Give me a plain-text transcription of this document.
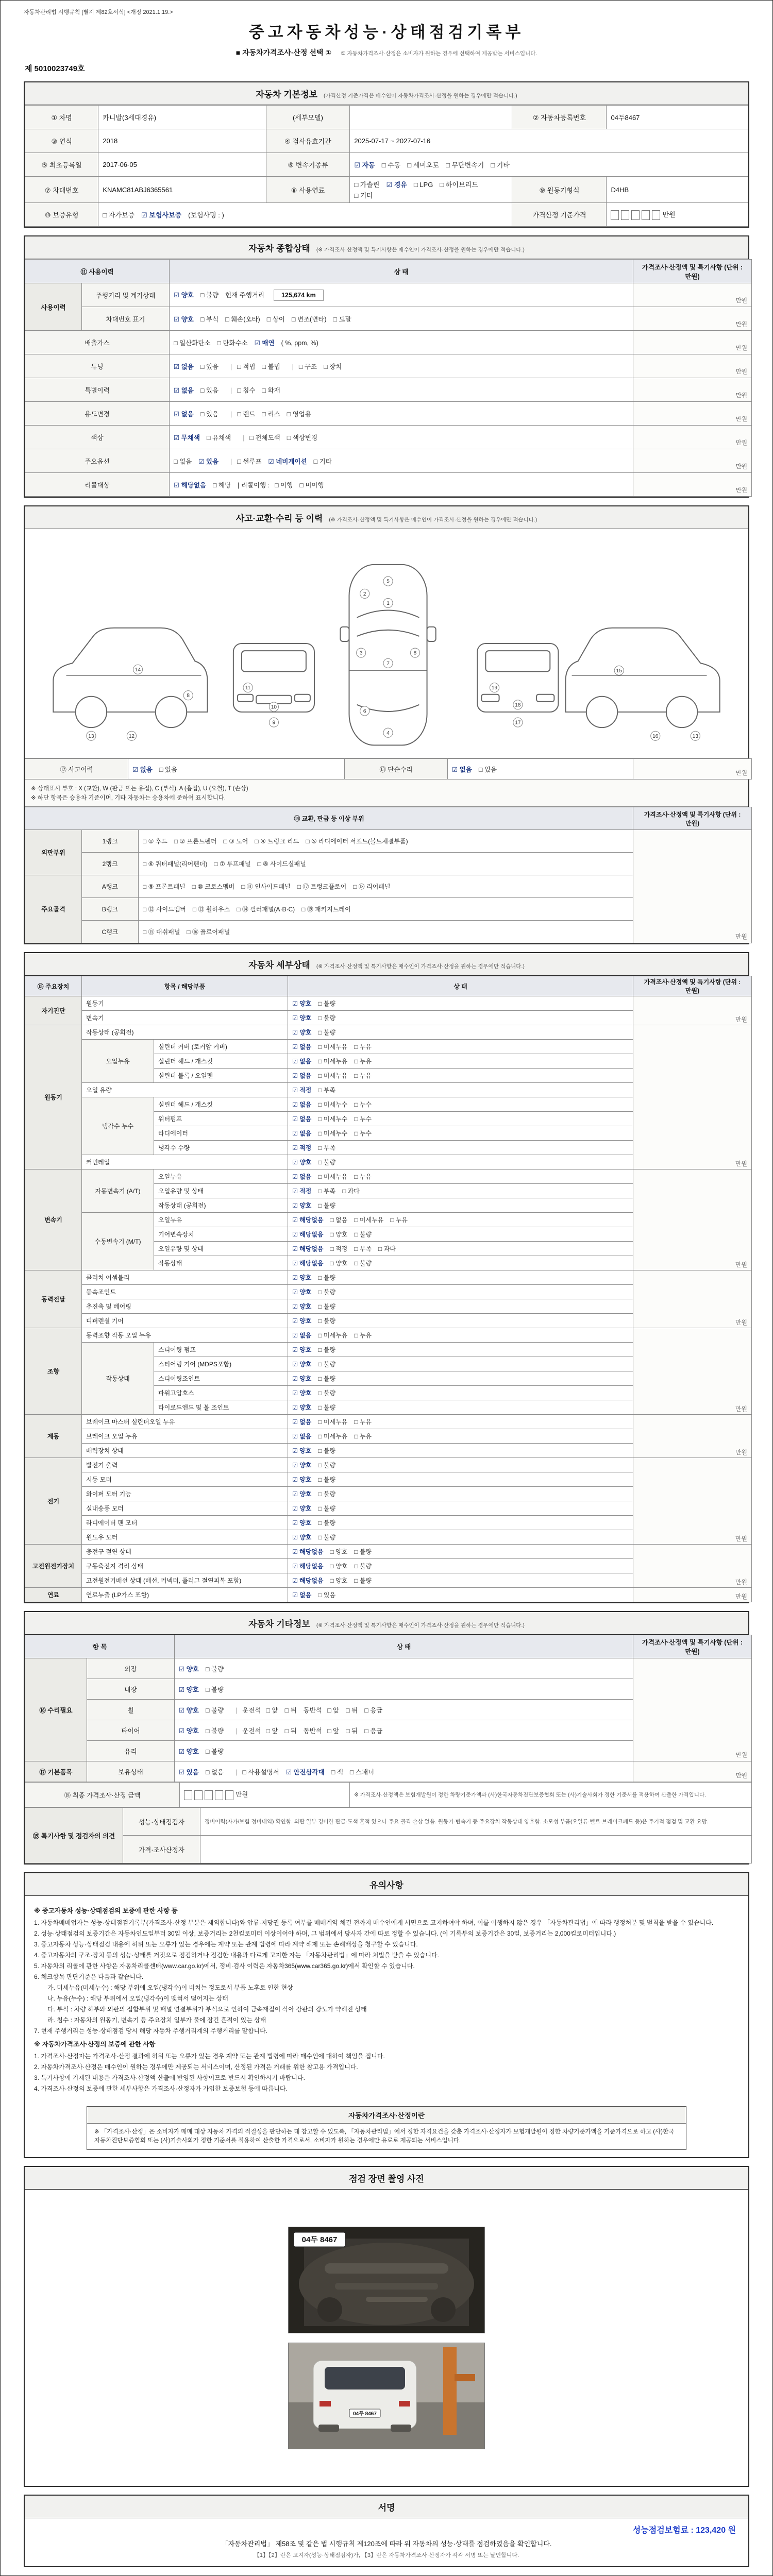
자동차관리법 시행규칙 [별지 제82호서식] <개정 2021.1.19.>
중고자동차성능·상태점검기록부
■ 자동차가격조사·산정 선택 ① ① 자동차가격조사·산정은 소비자가 원하는 경우에 선택하여 제공받는 서비스입니다.
제 5010023749호
자동차 기본정보 (가격산정 기준가격은 매수인이 자동차가격조사·산정을 원하는 경우에만 적습니다.)
① 차명	카니발(3세대경유)	(세부모델)		② 자동차등록번호	04두8467
③ 연식	2018	④ 검사유효기간	2025-07-17 ~ 2027-07-16		
⑤ 최초등록일	2017-06-05	⑥ 변속기종류	☑ 자동 □ 수동 □ 세미오토 □ 무단변속기 □ 기타		
⑦ 차대번호	KNAMC81ABJ6365561	⑧ 사용연료	□ 가솔린 ☑ 경유 □ LPG □ 하이브리드□ 기타	⑨ 원동기형식	D4HB
⑩ 보증유형	□ 자가보증 ☑ 보험사보증 (보험사명 : )			가격산정 기준가격	만원
자동차 종합상태 (※ 가격조사·산정액 및 특기사항은 매수인이 가격조사·산정을 원하는 경우에만 적습니다.)
⑪ 사용이력		상 태	가격조사·산정액 및 특기사항 (단위 : 만원)
사용이력	주행거리 및 계기상태	☑ 양호 □ 불량 현재 주행거리 125,674 km	만원
	차대번호 표기	☑ 양호 □ 부식 □ 훼손(오타) □ 상이 □ 변조(변타) □ 도말	만원
배출가스		□ 일산화탄소 □ 탄화수소 ☑ 매연 ( %, ppm, %)	만원
튜닝		☑ 없음 □ 있음 | □ 적법 □ 불법 | □ 구조 □ 장치	만원
특별이력		☑ 없음 □ 있음 | □ 침수 □ 화재	만원
용도변경		☑ 없음 □ 있음 | □ 렌트 □ 리스 □ 영업용	만원
색상		☑ 무채색 □ 유채색 | □ 전체도색 □ 색상변경	만원
주요옵션		□ 없음 ☑ 있음 | □ 썬루프 ☑ 네비게이션 □ 기타	만원
리콜대상		☑ 해당없음 □ 해당 | 리콜이행 : □ 이행 □ 미이행	만원
사고·교환·수리 등 이력 (※ 가격조사·산정액 및 특기사항은 매수인이 가격조사·산정을 원하는 경우에만 적습니다.)
13	12
14
8
9
10
11
5
1
2
3
7
6
4
8
17
18
19
15
16	13
⑫ 사고이력	☑ 없음 □ 있음	⑬ 단순수리	☑ 없음 □ 있음	만원
※ 상태표시 부호 : X (교환), W (판금 또는 용접), C (부식), A (흠집), U (요철), T (손상)
※ 하단 항목은 승용차 기준이며, 기타 자동차는 승용차에 준하여 표시합니다.
⑭ 교환, 판금 등 이상 부위			가격조사·산정액 및 특기사항 (단위 : 만원)
외판부위	1랭크	□ ① 후드 □ ② 프론트펜더 □ ③ 도어 □ ④ 트렁크 리드 □ ⑤ 라디에이터 서포트(볼트체결부품)	만원
	2랭크	□ ⑥ 쿼터패널(리어펜더) □ ⑦ 루프패널 □ ⑧ 사이드실패널	
주요골격	A랭크	□ ⑨ 프론트패널 □ ⑩ 크로스멤버 □ ⑪ 인사이드패널 □ ⑰ 트렁크플로어 □ ⑱ 리어패널	
	B랭크	□ ⑫ 사이드멤버 □ ⑬ 휠하우스 □ ⑭ 필러패널(A·B·C) □ ⑲ 패키지트레이	
	C랭크	□ ⑮ 대쉬패널 □ ⑯ 플로어패널	
자동차 세부상태 (※ 가격조사·산정액 및 특기사항은 매수인이 가격조사·산정을 원하는 경우에만 적습니다.)
⑮ 주요장치	항목 / 해당부품		상 태	가격조사·산정액 및 특기사항 (단위 : 만원)
자기진단	원동기		☑ 양호 □ 불량	만원
	변속기		☑ 양호 □ 불량	
원동기	작동상태 (공회전)		☑ 양호 □ 불량	만원
	오일누유	실린더 커버 (로커암 커버)	☑ 없음 □ 미세누유 □ 누유	
		실린더 헤드 / 개스킷	☑ 없음 □ 미세누유 □ 누유	
		실린더 블록 / 오일팬	☑ 없음 □ 미세누유 □ 누유	
	오일 유량		☑ 적정 □ 부족	
	냉각수 누수	실린더 헤드 / 개스킷	☑ 없음 □ 미세누수 □ 누수	
		워터펌프	☑ 없음 □ 미세누수 □ 누수	
		라디에이터	☑ 없음 □ 미세누수 □ 누수	
		냉각수 수량	☑ 적정 □ 부족	
	커먼레일		☑ 양호 □ 불량	
변속기	자동변속기 (A/T)	오일누유	☑ 없음 □ 미세누유 □ 누유	만원
		오일유량 및 상태	☑ 적정 □ 부족 □ 과다	
		작동상태 (공회전)	☑ 양호 □ 불량	
	수동변속기 (M/T)	오일누유	☑ 해당없음 □ 없음 □ 미세누유 □ 누유	
		기어변속장치	☑ 해당없음 □ 양호 □ 불량	
		오일유량 및 상태	☑ 해당없음 □ 적정 □ 부족 □ 과다	
		작동상태	☑ 해당없음 □ 양호 □ 불량	
동력전달	클러치 어셈블리		☑ 양호 □ 불량	만원
	등속조인트		☑ 양호 □ 불량	
	추진축 및 베어링		☑ 양호 □ 불량	
	디퍼렌셜 기어		☑ 양호 □ 불량	
조향	동력조향 작동 오일 누유		☑ 없음 □ 미세누유 □ 누유	만원
	작동상태	스티어링 펌프	☑ 양호 □ 불량	
		스티어링 기어 (MDPS포함)	☑ 양호 □ 불량	
		스티어링조인트	☑ 양호 □ 불량	
		파워고압호스	☑ 양호 □ 불량	
		타이로드엔드 및 볼 조인트	☑ 양호 □ 불량	
제동	브레이크 마스터 실린더오일 누유		☑ 없음 □ 미세누유 □ 누유	만원
	브레이크 오일 누유		☑ 없음 □ 미세누유 □ 누유	
	배력장치 상태		☑ 양호 □ 불량	
전기	발전기 출력		☑ 양호 □ 불량	만원
	시동 모터		☑ 양호 □ 불량	
	와이퍼 모터 기능		☑ 양호 □ 불량	
	실내송풍 모터		☑ 양호 □ 불량	
	라디에이터 팬 모터		☑ 양호 □ 불량	
	윈도우 모터		☑ 양호 □ 불량	
고전원전기장치	충전구 절연 상태		☑ 해당없음 □ 양호 □ 불량	만원
	구동축전지 격리 상태		☑ 해당없음 □ 양호 □ 불량	
	고전원전기배선 상태 (배선, 커넥터, 플러그 절연피복 포함)		☑ 해당없음 □ 양호 □ 불량	
연료	연료누출 (LP가스 포함)		☑ 없음 □ 있음	만원
자동차 기타정보 (※ 가격조사·산정액 및 특기사항은 매수인이 가격조사·산정을 원하는 경우에만 적습니다.)
항 목		상 태	가격조사·산정액 및 특기사항 (단위 : 만원)
⑯ 수리필요	외장	☑ 양호 □ 불량	만원
	내장	☑ 양호 □ 불량	
	휠	☑ 양호 □ 불량 | 운전석 □ 앞 □ 뒤 동반석 □ 앞 □ 뒤 □ 응급	
	타이어	☑ 양호 □ 불량 | 운전석 □ 앞 □ 뒤 동반석 □ 앞 □ 뒤 □ 응급	
	유리	☑ 양호 □ 불량	
⑰ 기본품목	보유상태	☑ 있음 □ 없음 | □ 사용설명서 ☑ 안전삼각대 □ 잭 □ 스패너	만원
⑱ 최종 가격조사·산정 금액	만원	※ 가격조사·산정액은 보험개발원이 정한 차량기준가액과 (사)한국자동차진단보증협회 또는 (사)기술사회가 정한 기준서를 적용하여 산출한 가격입니다.
⑲ 특기사항 및 점검자의 의견	성능·상태점검자	정비이력(자가/보험 정비내역) 확인함. 외판 일부 경미한 판금·도색 흔적 있으나 주요 골격 손상 없음. 원동기·변속기 등 주요장치 작동상태 양호함. 소모성 부품(오일류·벨트·브레이크패드 등)은 주기적 점검 및 교환 요망.
	가격·조사산정자	
유의사항
※ 중고자동차 성능·상태점검의 보증에 관한 사항 등
1. 자동차매매업자는 성능·상태점검기록부(가격조사·산정 부분은 제외합니다)와 압류·저당권 등록 여부를 매매계약 체결 전까지 매수인에게 서면으로 고지하여야 하며, 이를 이행하지 않은 경우 「자동차관리법」에 따라 행정처분 및 벌칙을 받을 수 있습니다.
2. 성능·상태점검의 보증기간은 자동차인도일부터 30일 이상, 보증거리는 2천킬로미터 이상이어야 하며, 그 범위에서 당사자 간에 따로 정할 수 있습니다. (이 기록부의 보증기간은 30일, 보증거리는 2,000킬로미터입니다.)
3. 중고자동차 성능·상태점검 내용에 허위 또는 오류가 있는 경우에는 계약 또는 관계 법령에 따라 계약 해제 또는 손해배상을 청구할 수 있습니다.
4. 중고자동차의 구조·장치 등의 성능·상태를 거짓으로 점검하거나 점검한 내용과 다르게 고지한 자는 「자동차관리법」에 따라 처벌을 받을 수 있습니다.
5. 자동차의 리콜에 관한 사항은 자동차리콜센터(www.car.go.kr)에서, 정비·검사 이력은 자동차365(www.car365.go.kr)에서 확인할 수 있습니다.
6. 체크항목 판단기준은 다음과 같습니다.
가. 미세누유(미세누수) : 해당 부위에 오일(냉각수)이 비치는 정도로서 부품 노후로 인한 현상
나. 누유(누수) : 해당 부위에서 오일(냉각수)이 맺혀서 떨어지는 상태
다. 부식 : 차량 하부와 외판의 접합부위 및 패널 연결부위가 부식으로 인하여 금속재질이 삭아 강판의 강도가 약해진 상태
라. 침수 : 자동차의 원동기, 변속기 등 주요장치 일부가 물에 잠긴 흔적이 있는 상태
7. 현재 주행거리는 성능·상태점검 당시 해당 자동차 주행거리계의 주행거리를 말합니다.
※ 자동차가격조사·산정의 보증에 관한 사항
1. 가격조사·산정자는 가격조사·산정 결과에 허위 또는 오류가 있는 경우 계약 또는 관계 법령에 따라 매수인에 대하여 책임을 집니다.
2. 자동차가격조사·산정은 매수인이 원하는 경우에만 제공되는 서비스이며, 산정된 가격은 거래를 위한 참고용 가격입니다.
3. 특기사항에 기재된 내용은 가격조사·산정액 산출에 반영된 사항이므로 반드시 확인하시기 바랍니다.
4. 가격조사·산정의 보증에 관한 세부사항은 가격조사·산정자가 가입한 보증보험 등에 따릅니다.
자동차가격조사·산정이란
※ 「가격조사·산정」은 소비자가 매매 대상 자동차 가격의 적절성을 판단하는 데 참고할 수 있도록, 「자동차관리법」에서 정한 자격요건을 갖춘 가격조사·산정자가 보험개발원이 정한 차량기준가액을 기준가격으로 하고 (사)한국자동차진단보증협회 또는 (사)기술사회가 정한 기준서를 적용하여 산출한 가격으로서, 소비자가 원하는 경우에만 유료로 제공되는 서비스입니다.
점검 장면 촬영 사진
04두 8467
04두 8467
서명
성능점검보험료 : 123,420 원
「자동차관리법」 제58조 및 같은 법 시행규칙 제120조에 따라 위 자동차의 성능·상태를 점검하였음을 확인합니다.
【1】【2】란은 고지자(성능·상태점검자)가, 【3】란은 자동차가격조사·산정자가 각각 서명 또는 날인합니다.
